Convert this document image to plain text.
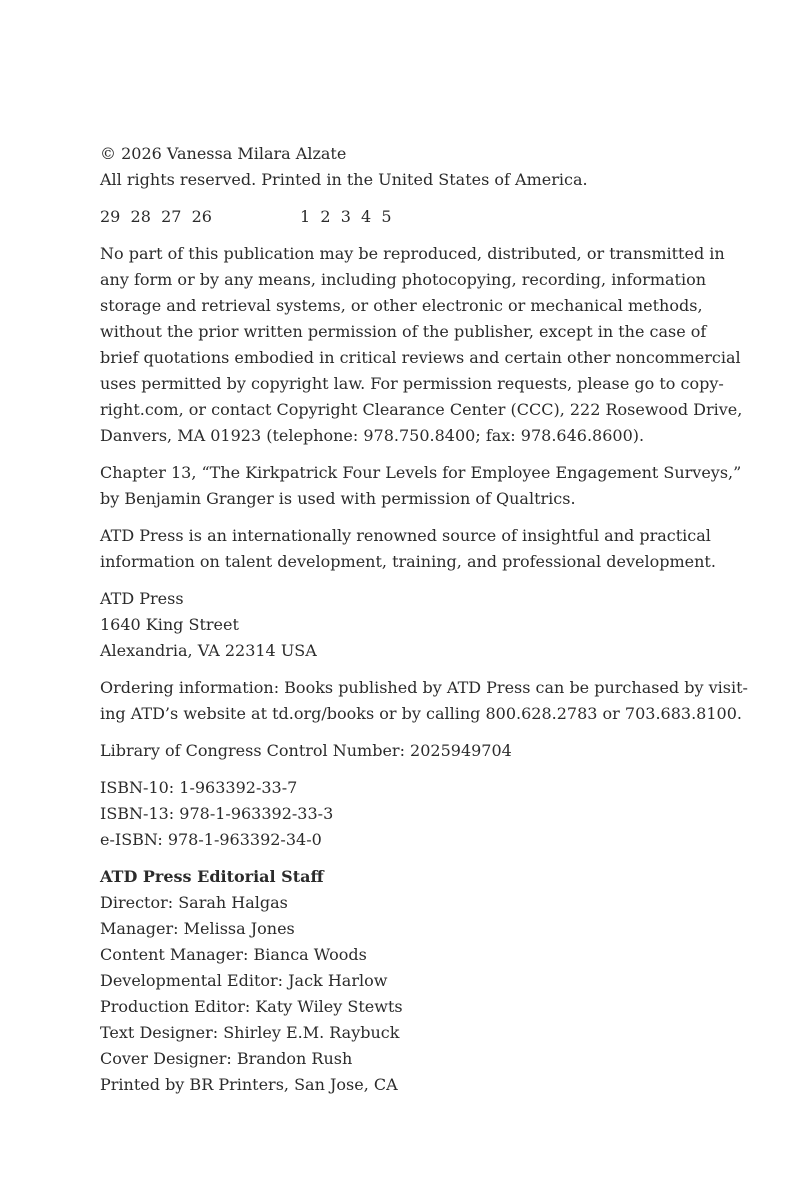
© 2026 Vanessa Milara Alzate
All rights reserved. Printed in the United States of America.
29  28  27  26	1  2  3  4  5
No part of this publication may be reproduced, distributed, or transmitted in
any form or by any means, including photocopying, recording, information
storage and retrieval systems, or other electronic or mechanical methods,
without the prior written permission of the publisher, except in the case of
brief quotations embodied in critical reviews and certain other noncommercial
uses permitted by copyright law. For permission requests, please go to copy-
right.com, or contact Copyright Clearance Center (CCC), 222 Rosewood Drive,
Danvers, MA 01923 (telephone: 978.750.8400; fax: 978.646.8600).
Chapter 13, “The Kirkpatrick Four Levels for Employee Engagement Surveys,”
by Benjamin Granger is used with permission of Qualtrics.
ATD Press is an internationally renowned source of insightful and practical
information on talent development, training, and professional development.
ATD Press
1640 King Street
Alexandria, VA 22314 USA
Ordering information: Books published by ATD Press can be purchased by visit-
ing ATD’s website at td.org/books or by calling 800.628.2783 or 703.683.8100.
Library of Congress Control Number: 2025949704
ISBN-10: 1-963392-33-7
ISBN-13: 978-1-963392-33-3
e-ISBN: 978-1-963392-34-0
ATD Press Editorial Staff
Director: Sarah Halgas
Manager: Melissa Jones
Content Manager: Bianca Woods
Developmental Editor: Jack Harlow
Production Editor: Katy Wiley Stewts
Text Designer: Shirley E.M. Raybuck
Cover Designer: Brandon Rush
Printed by BR Printers, San Jose, CA
